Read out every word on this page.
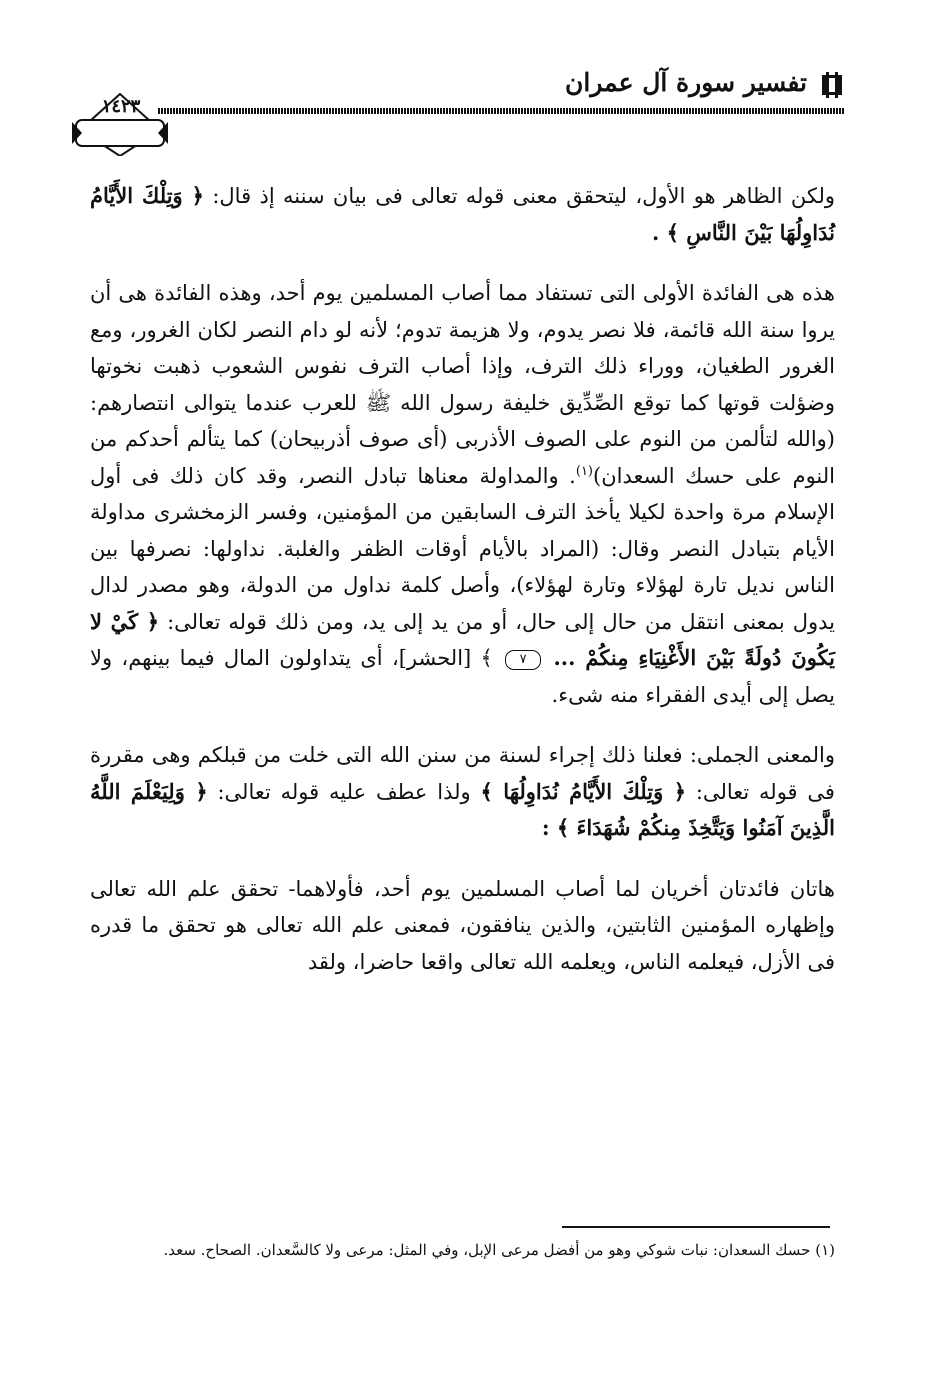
تفسير سورة آل عمران
١٤٢٣

ولكن الظاهر هو الأول، ليتحقق معنى قوله تعالى فى بيان سننه إذ قال: ﴿ وَتِلْكَ الأَيَّامُ نُدَاوِلُهَا بَيْنَ النَّاسِ ﴾ .

هذه هى الفائدة الأولى التى تستفاد مما أصاب المسلمين يوم أحد، وهذه الفائدة هى أن يروا سنة الله قائمة، فلا نصر يدوم، ولا هزيمة تدوم؛ لأنه لو دام النصر لكان الغرور، ومع الغرور الطغيان، ووراء ذلك الترف، وإذا أصاب الترف نفوس الشعوب ذهبت نخوتها وضؤلت قوتها كما توقع الصِّدِّيق خليفة رسول الله ﷺ للعرب عندما يتوالى انتصارهم: (والله لتألمن من النوم على الصوف الأذربى (أى صوف أذربيحان) كما يتألم أحدكم من النوم على حسك السعدان)$^{(١)}$. والمداولة معناها تبادل النصر، وقد كان ذلك فى أول الإسلام مرة واحدة لكيلا يأخذ الترف السابقين من المؤمنين، وفسر الزمخشرى مداولة الأيام بتبادل النصر وقال: (المراد بالأيام أوقات الظفر والغلبة. نداولها: نصرفها بين الناس نديل تارة لهؤلاء وتارة لهؤلاء)، وأصل كلمة نداول من الدولة، وهو مصدر لدال يدول بمعنى انتقل من حال إلى حال، أو من يد إلى يد، ومن ذلك قوله تعالى: ﴿ كَيْ لا يَكُونَ دُولَةً بَيْنَ الأَغْنِيَاءِ مِنكُمْ ... ٧ ﴾ [الحشر]، أى يتداولون المال فيما بينهم، ولا يصل إلى أيدى الفقراء منه شىء.

والمعنى الجملى: فعلنا ذلك إجراء لسنة من سنن الله التى خلت من قبلكم وهى مقررة فى قوله تعالى: ﴿ وَتِلْكَ الأَيَّامُ نُدَاوِلُهَا ﴾ ولذا عطف عليه قوله تعالى: ﴿ وَلِيَعْلَمَ اللَّهُ الَّذِينَ آمَنُوا وَيَتَّخِذَ مِنكُمْ شُهَدَاءَ ﴾ :

هاتان فائدتان أخريان لما أصاب المسلمين يوم أحد، فأولاهما- تحقق علم الله تعالى وإظهاره المؤمنين الثابتين، والذين ينافقون، فمعنى علم الله تعالى هو تحقق ما قدره فى الأزل، فيعلمه الناس، ويعلمه الله تعالى واقعا حاضرا، ولقد

(١) حسك السعدان: نبات شوكي وهو من أفضل مرعى الإبل، وفي المثل: مرعى ولا كالسَّعدان. الصحاح. سعد.
